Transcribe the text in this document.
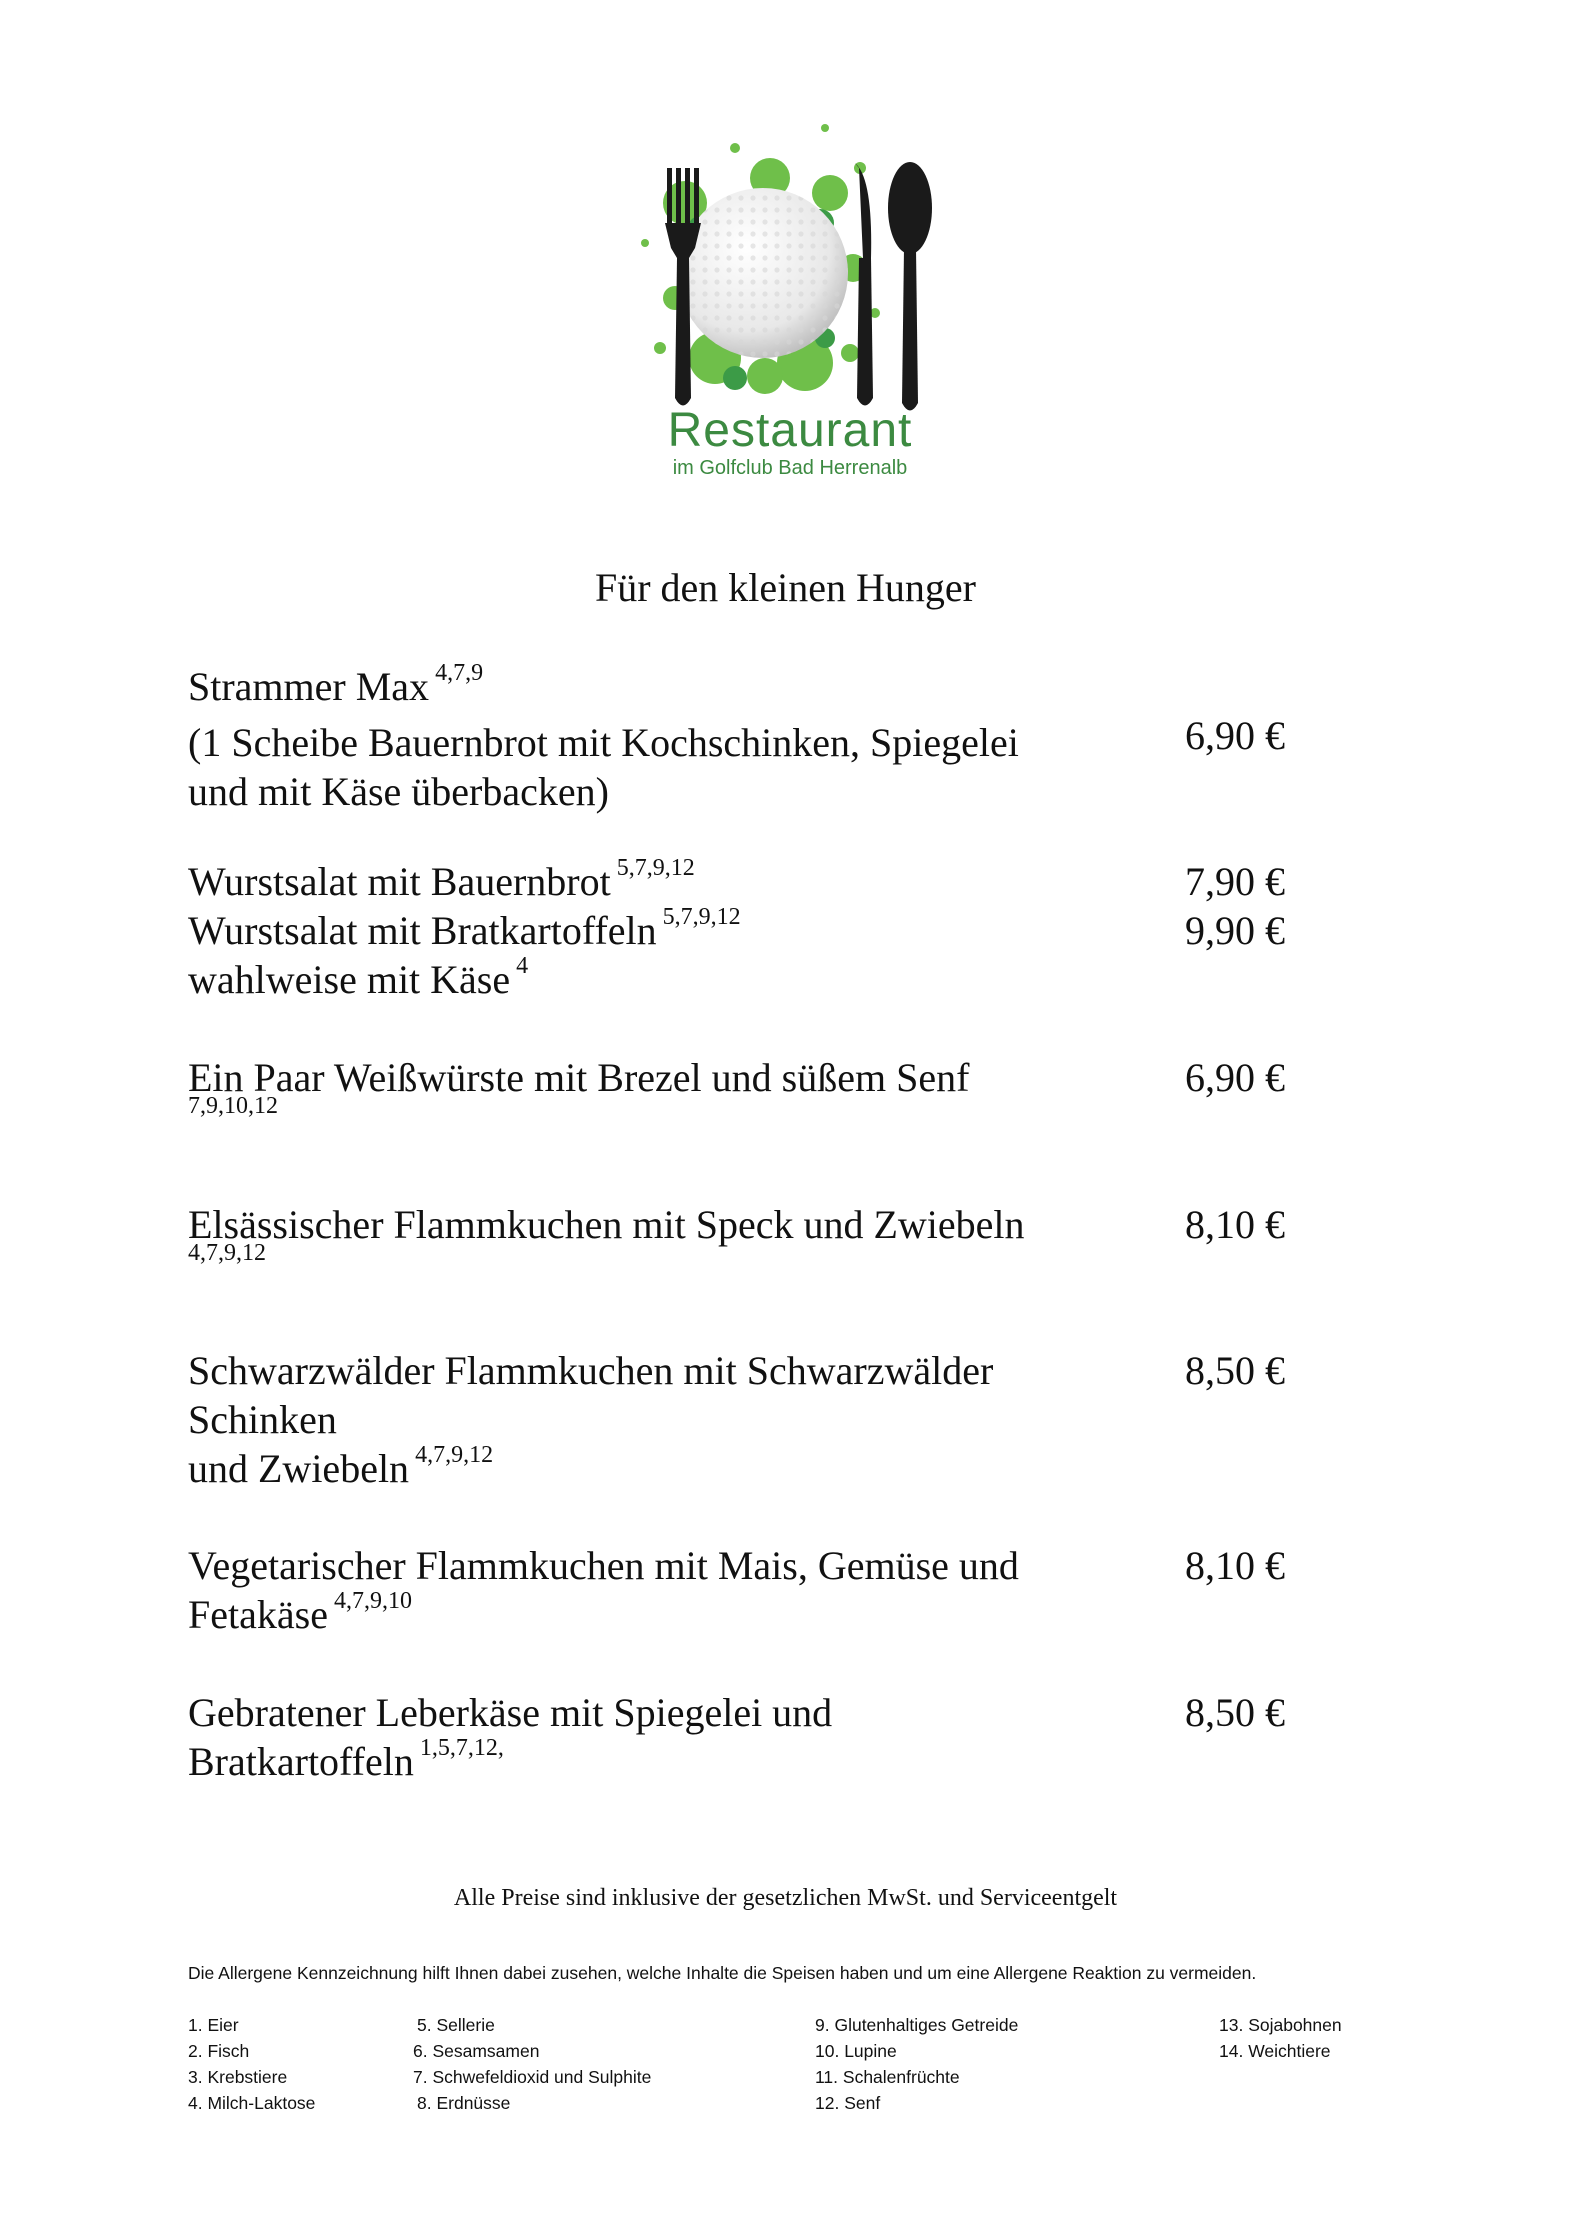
Restaurant
im Golfclub Bad Herrenalb
Für den kleinen Hunger
Strammer Max $^{4,7,9}$
(1 Scheibe Bauernbrot mit Kochschinken, Spiegelei
und mit Käse überbacken)
6,90 €
Wurstsalat mit Bauernbrot $^{5,7,9,12}$	7,90 €
Wurstsalat mit Bratkartoffeln $^{5,7,9,12}$	9,90 €
wahlweise mit Käse $^4$
Ein Paar Weißwürste mit Brezel und süßem Senf
7,9,10,12
6,90 €
Elsässischer Flammkuchen mit Speck und Zwiebeln
4,7,9,12
8,10 €
Schwarzwälder Flammkuchen mit Schwarzwälder
Schinken
und Zwiebeln $^{4,7,9,12}$
8,50 €
Vegetarischer Flammkuchen mit Mais, Gemüse und
Fetakäse $^{4,7,9,10}$
8,10 €
Gebratener Leberkäse mit Spiegelei und
Bratkartoffeln $^{1,5,7,12,}$
8,50 €
Alle Preise sind inklusive der gesetzlichen MwSt. und Serviceentgelt
Die Allergene Kennzeichnung hilft Ihnen dabei zusehen, welche Inhalte die Speisen haben und um eine Allergene Reaktion zu vermeiden.
1. Eier
2. Fisch
3. Krebstiere
4. Milch-Laktose
5. Sellerie
6. Sesamsamen
7. Schwefeldioxid und Sulphite
8. Erdnüsse
9. Glutenhaltiges Getreide
10. Lupine
11. Schalenfrüchte
12. Senf
13. Sojabohnen
14. Weichtiere
